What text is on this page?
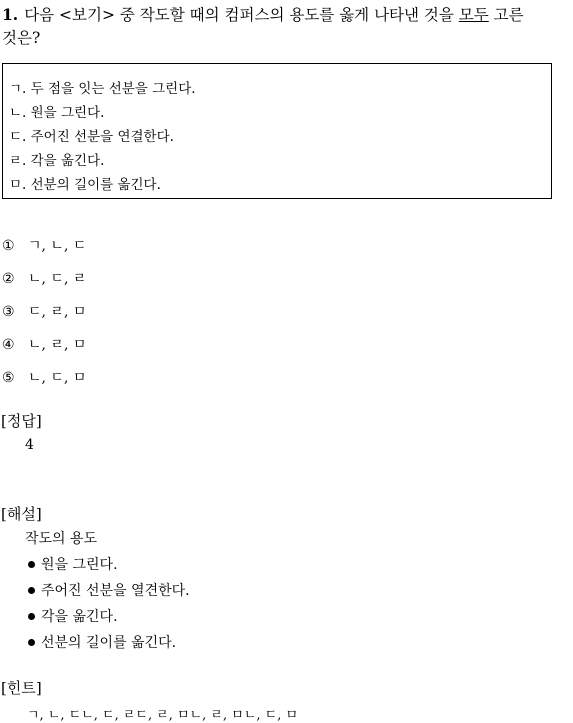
1. 다음 <보기> 중 작도할 때의 컴퍼스의 용도를 옳게 나타낸 것을 모두 고른
것은?
ㄱ. 두 점을 잇는 선분을 그린다.
ㄴ. 원을 그린다.
ㄷ. 주어진 선분을 연결한다.
ㄹ. 각을 옮긴다.
ㅁ. 선분의 길이를 옮긴다.
① ㄱ, ㄴ, ㄷ
② ㄴ, ㄷ, ㄹ
③ ㄷ, ㄹ, ㅁ
④ ㄴ, ㄹ, ㅁ
⑤ ㄴ, ㄷ, ㅁ
[정답]
4
[해설]
작도의 용도
원을 그린다.
주어진 선분을 열견한다.
각을 옮긴다.
선분의 길이를 옮긴다.
[힌트]
ㄱ, ㄴ, ㄷㄴ, ㄷ, ㄹㄷ, ㄹ, ㅁㄴ, ㄹ, ㅁㄴ, ㄷ, ㅁ
